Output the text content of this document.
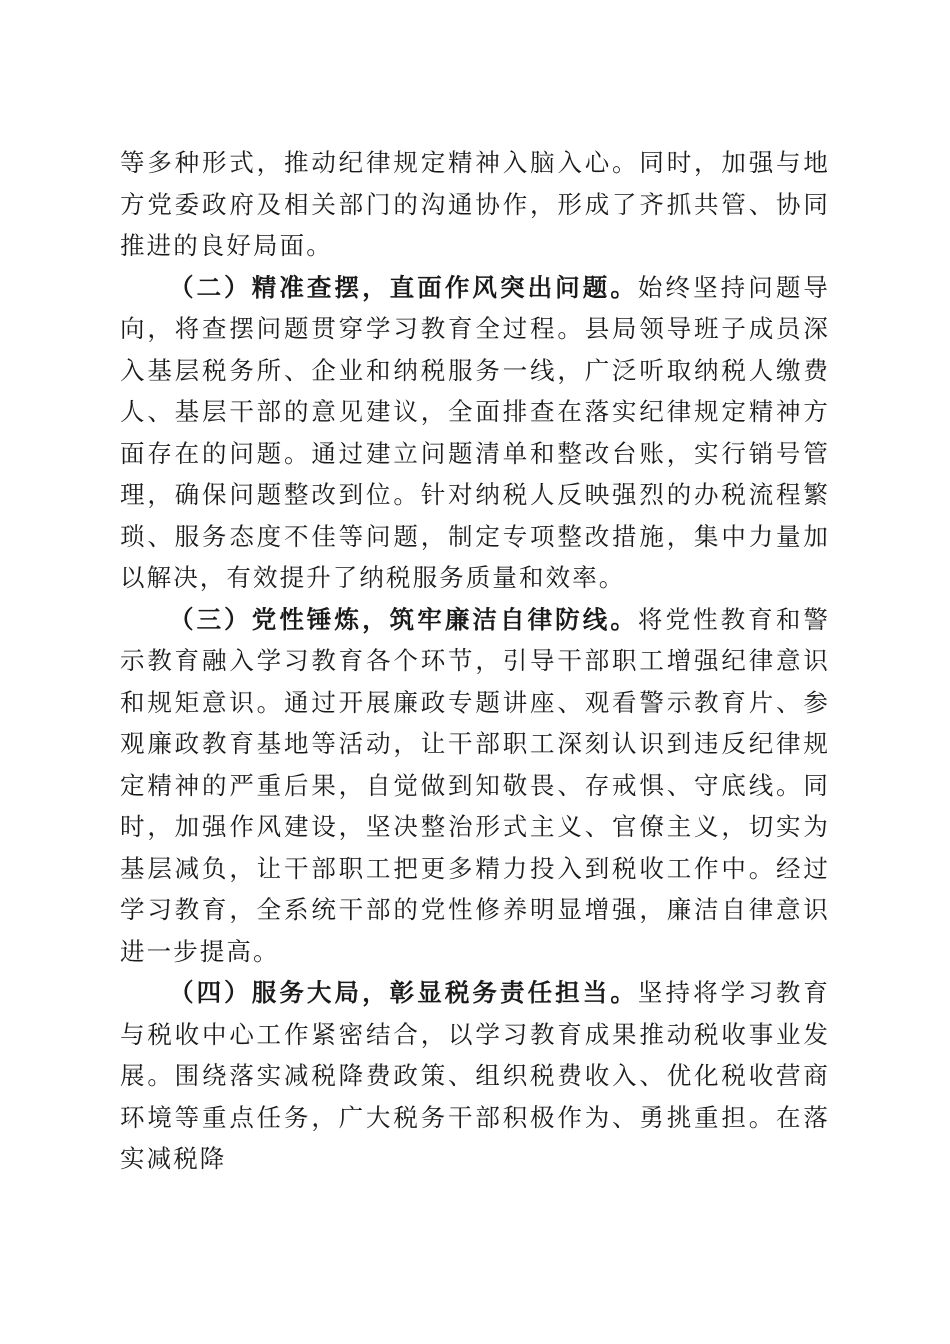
等多种形式，推动纪律规定精神入脑入心。同时，加强与地方党委政府及相关部门的沟通协作，形成了齐抓共管、协同推进的良好局面。

（二）精准查摆，直面作风突出问题。始终坚持问题导向，将查摆问题贯穿学习教育全过程。县局领导班子成员深入基层税务所、企业和纳税服务一线，广泛听取纳税人缴费人、基层干部的意见建议，全面排查在落实纪律规定精神方面存在的问题。通过建立问题清单和整改台账，实行销号管理，确保问题整改到位。针对纳税人反映强烈的办税流程繁琐、服务态度不佳等问题，制定专项整改措施，集中力量加以解决，有效提升了纳税服务质量和效率。

（三）党性锤炼，筑牢廉洁自律防线。将党性教育和警示教育融入学习教育各个环节，引导干部职工增强纪律意识和规矩意识。通过开展廉政专题讲座、观看警示教育片、参观廉政教育基地等活动，让干部职工深刻认识到违反纪律规定精神的严重后果，自觉做到知敬畏、存戒惧、守底线。同时，加强作风建设，坚决整治形式主义、官僚主义，切实为基层减负，让干部职工把更多精力投入到税收工作中。经过学习教育，全系统干部的党性修养明显增强，廉洁自律意识进一步提高。

（四）服务大局，彰显税务责任担当。坚持将学习教育与税收中心工作紧密结合，以学习教育成果推动税收事业发展。围绕落实减税降费政策、组织税费收入、优化税收营商环境等重点任务，广大税务干部积极作为、勇挑重担。在落实减税降
